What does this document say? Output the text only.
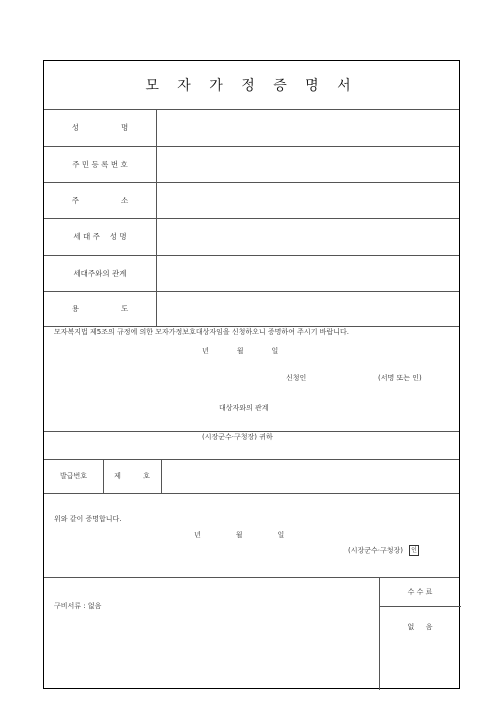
모 자 가 정 증 명 서
성 　 　 　 　 명
주 민 등 록 번 호
주 　 　 　 　 소
세 대 주 　성 명
세대주와의 관계
용 　 　 　 　 도
모자복지법 제5조의 규정에 의한 모자가정보호대상자임을 신청하오니 증명하여 주시기 바랍니다.
년　　　　월　　　　일
신청인	(서명 또는 인)
대상자와의 관계
(시장군수·구청장) 귀하
발급번호	제	호
위와 같이 증명합니다.
년　　　　　월　　　　　일
(시장군수·구청장) 인
구비서류 : 없음
수 수 료
없 　 음
